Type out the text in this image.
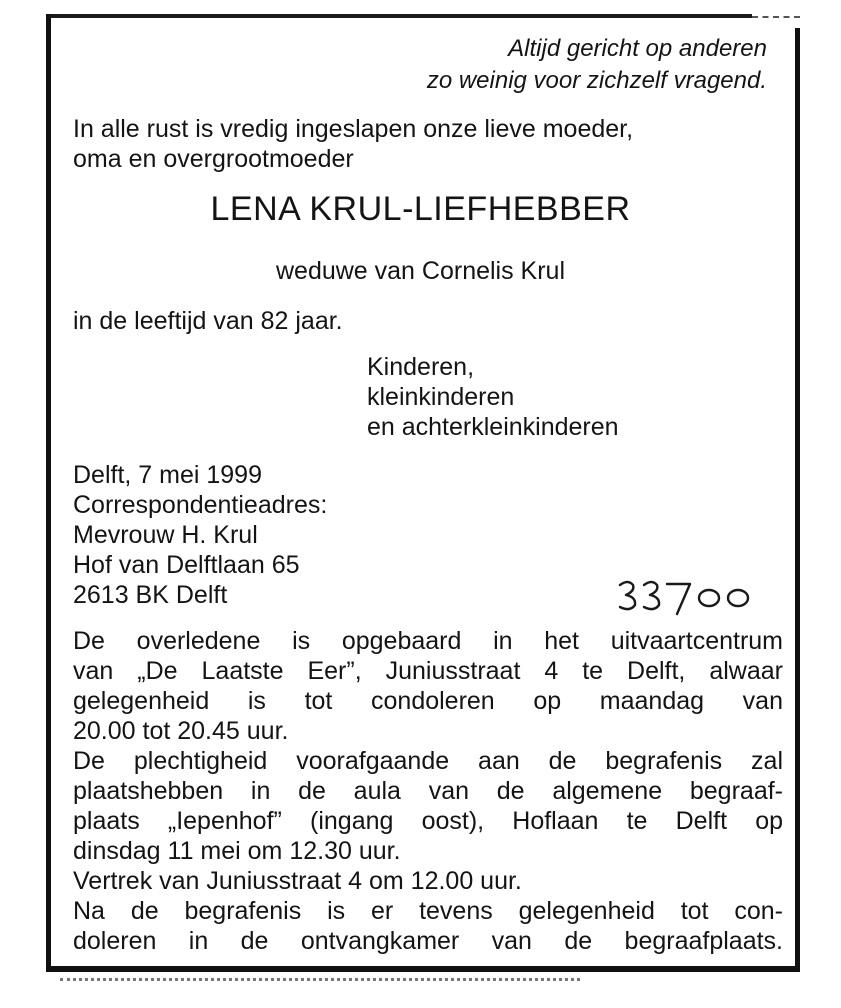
Altijd gericht op anderen
zo weinig voor zichzelf vragend.
In alle rust is vredig ingeslapen onze lieve moeder,
oma en overgrootmoeder
LENA KRUL-LIEFHEBBER
weduwe van Cornelis Krul
in de leeftijd van 82 jaar.
Kinderen,
kleinkinderen
en achterkleinkinderen
Delft, 7 mei 1999
Correspondentieadres:
Mevrouw H. Krul
Hof van Delftlaan 65
2613 BK Delft
De overledene is opgebaard in het uitvaartcentrum
van „De Laatste Eer”, Juniusstraat 4 te Delft, alwaar
gelegenheid is tot condoleren op maandag van
20.00 tot 20.45 uur.
De plechtigheid voorafgaande aan de begrafenis zal
plaatshebben in de aula van de algemene begraaf-
plaats „Iepenhof” (ingang oost), Hoflaan te Delft op
dinsdag 11 mei om 12.30 uur.
Vertrek van Juniusstraat 4 om 12.00 uur.
Na de begrafenis is er tevens gelegenheid tot con-
doleren in de ontvangkamer van de begraafplaats.
